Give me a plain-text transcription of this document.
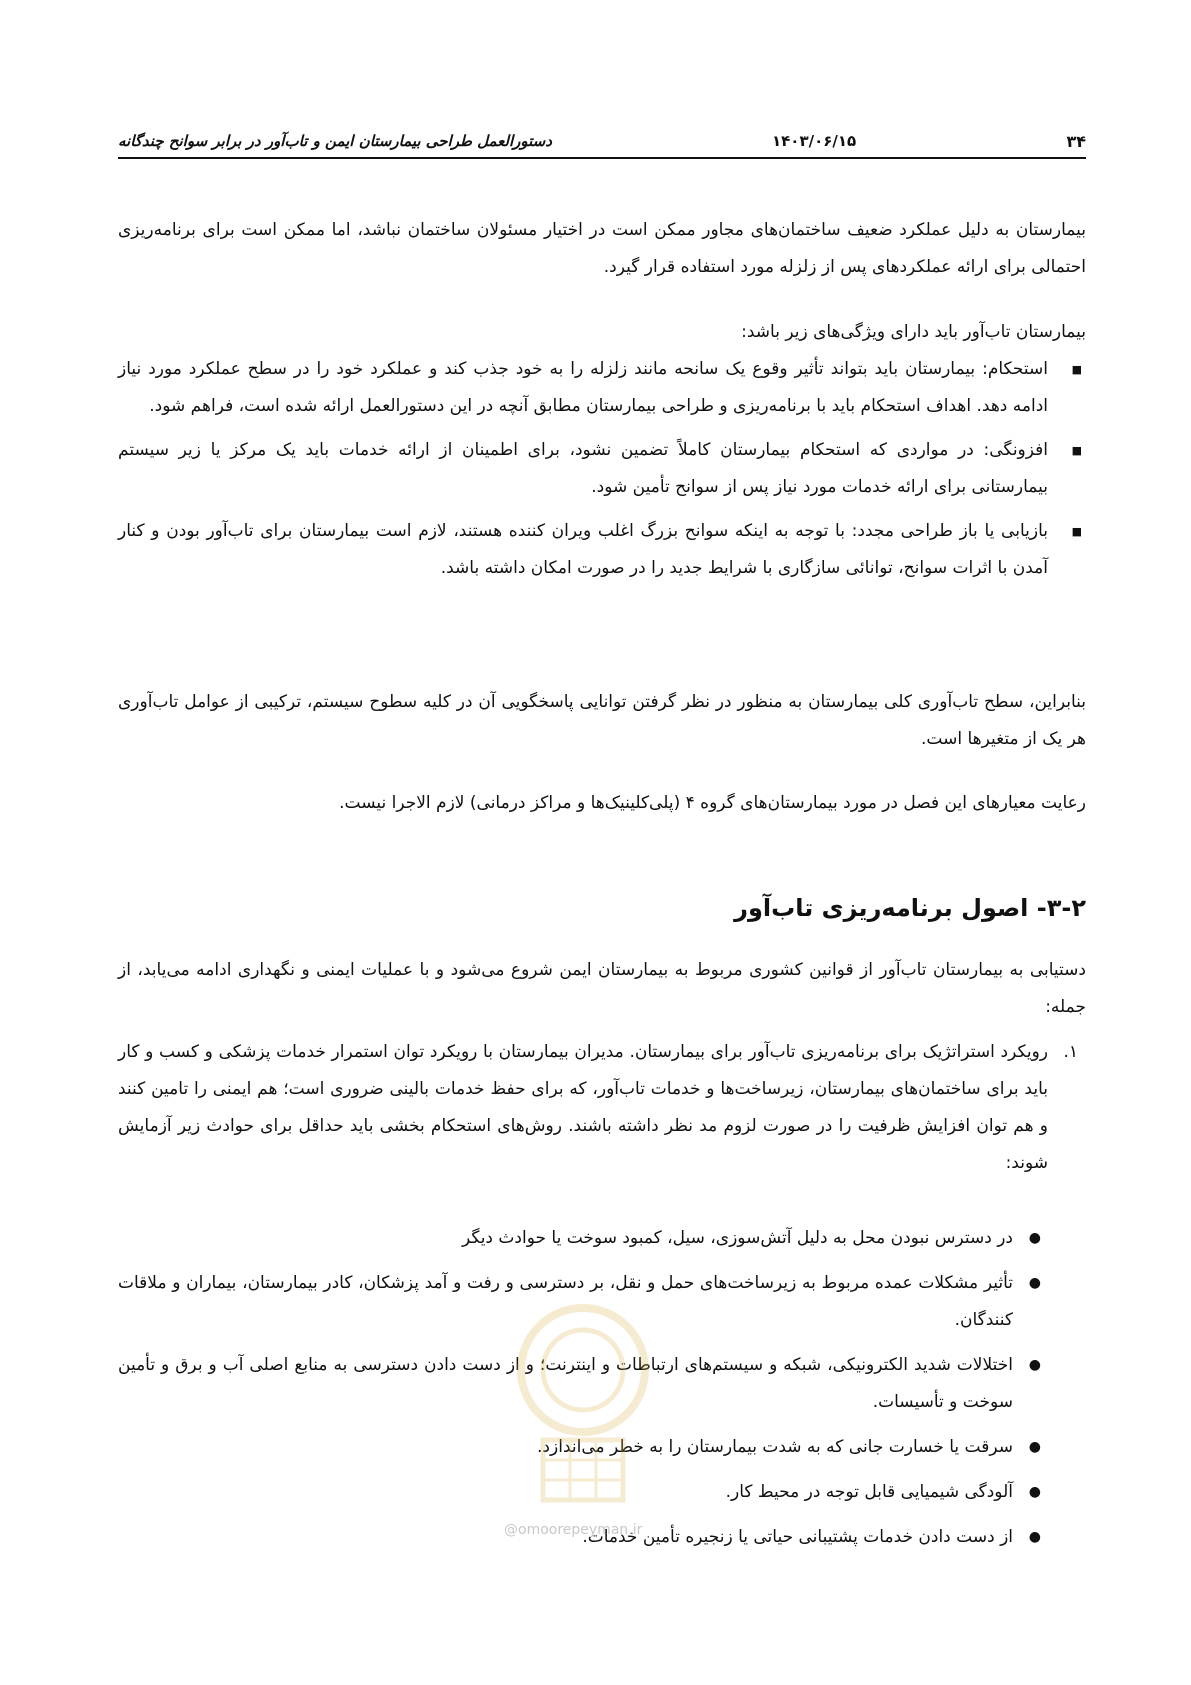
۳۴
۱۴۰۳/۰۶/۱۵
دستورالعمل طراحی بیمارستان ایمن و تاب‌آور در برابر سوانح چندگانه
بیمارستان به دلیل عملکرد ضعیف ساختمان‌های مجاور ممکن است در اختیار مسئولان ساختمان نباشد، اما ممکن است برای برنامه‌ریزی احتمالی برای ارائه عملکردهای پس از زلزله مورد استفاده قرار گیرد.
بیمارستان تاب‌آور باید دارای ویژگی‌های زیر باشد:
■
استحکام: بیمارستان باید بتواند تأثیر وقوع یک سانحه مانند زلزله را به خود جذب کند و عملکرد خود را در سطح عملکرد مورد نیاز ادامه دهد. اهداف استحکام باید با برنامه‌ریزی و طراحی بیمارستان مطابق آنچه در این دستورالعمل ارائه شده است، فراهم شود.
■
افزونگی: در مواردی که استحکام بیمارستان کاملاً تضمین نشود، برای اطمینان از ارائه خدمات باید یک مرکز یا زیر سیستم بیمارستانی برای ارائه خدمات مورد نیاز پس از سوانح تأمین شود.
■
بازیابی یا باز طراحی مجدد: با توجه به اینکه سوانح بزرگ اغلب ویران کننده هستند، لازم است بیمارستان برای تاب‌آور بودن و کنار آمدن با اثرات سوانح، توانائی سازگاری با شرایط جدید را در صورت امکان داشته باشد.
بنابراین، سطح تاب‌آوری کلی بیمارستان به منظور در نظر گرفتن توانایی پاسخگویی آن در کلیه سطوح سیستم، ترکیبی از عوامل تاب‌آوری هر یک از متغیرها است.
رعایت معیارهای این فصل در مورد بیمارستان‌های گروه ۴ (پلی‌کلینیک‌ها و مراکز درمانی) لازم الاجرا نیست.
۳-۲- اصول برنامه‌ریزی تاب‌آور
دستیابی به بیمارستان تاب‌آور از قوانین کشوری مربوط به بیمارستان ایمن شروع می‌شود و با عملیات ایمنی و نگهداری ادامه می‌یابد، از جمله:
۱.
رویکرد استراتژیک برای برنامه‌ریزی تاب‌آور برای بیمارستان. مدیران بیمارستان با رویکرد توان استمرار خدمات پزشکی و کسب و کار باید برای ساختمان‌های بیمارستان، زیرساخت‌ها و خدمات تاب‌آور، که برای حفظ خدمات بالینی ضروری است؛ هم ایمنی را تامین کنند و هم توان افزایش ظرفیت را در صورت لزوم مد نظر داشته باشند. روش‌های استحکام بخشی باید حداقل برای حوادث زیر آزمایش شوند:
●
در دسترس نبودن محل به دلیل آتش‌سوزی، سیل، کمبود سوخت یا حوادث دیگر
●
تأثیر مشکلات عمده مربوط به زیرساخت‌های حمل و نقل، بر دسترسی و رفت و آمد پزشکان، کادر بیمارستان، بیماران و ملاقات کنندگان.
●
اختلالات شدید الکترونیکی، شبکه و سیستم‌های ارتباطات و اینترنت؛ و از دست دادن دسترسی به منابع اصلی آب و برق و تأمین سوخت و تأسیسات.
●
سرقت یا خسارت جانی که به شدت بیمارستان را به خطر می‌اندازد.
●
آلودگی شیمیایی قابل توجه در محیط کار.
●
از دست دادن خدمات پشتیبانی حیاتی یا زنجیره تأمین خدمات.
@omoorepeyman.ir
